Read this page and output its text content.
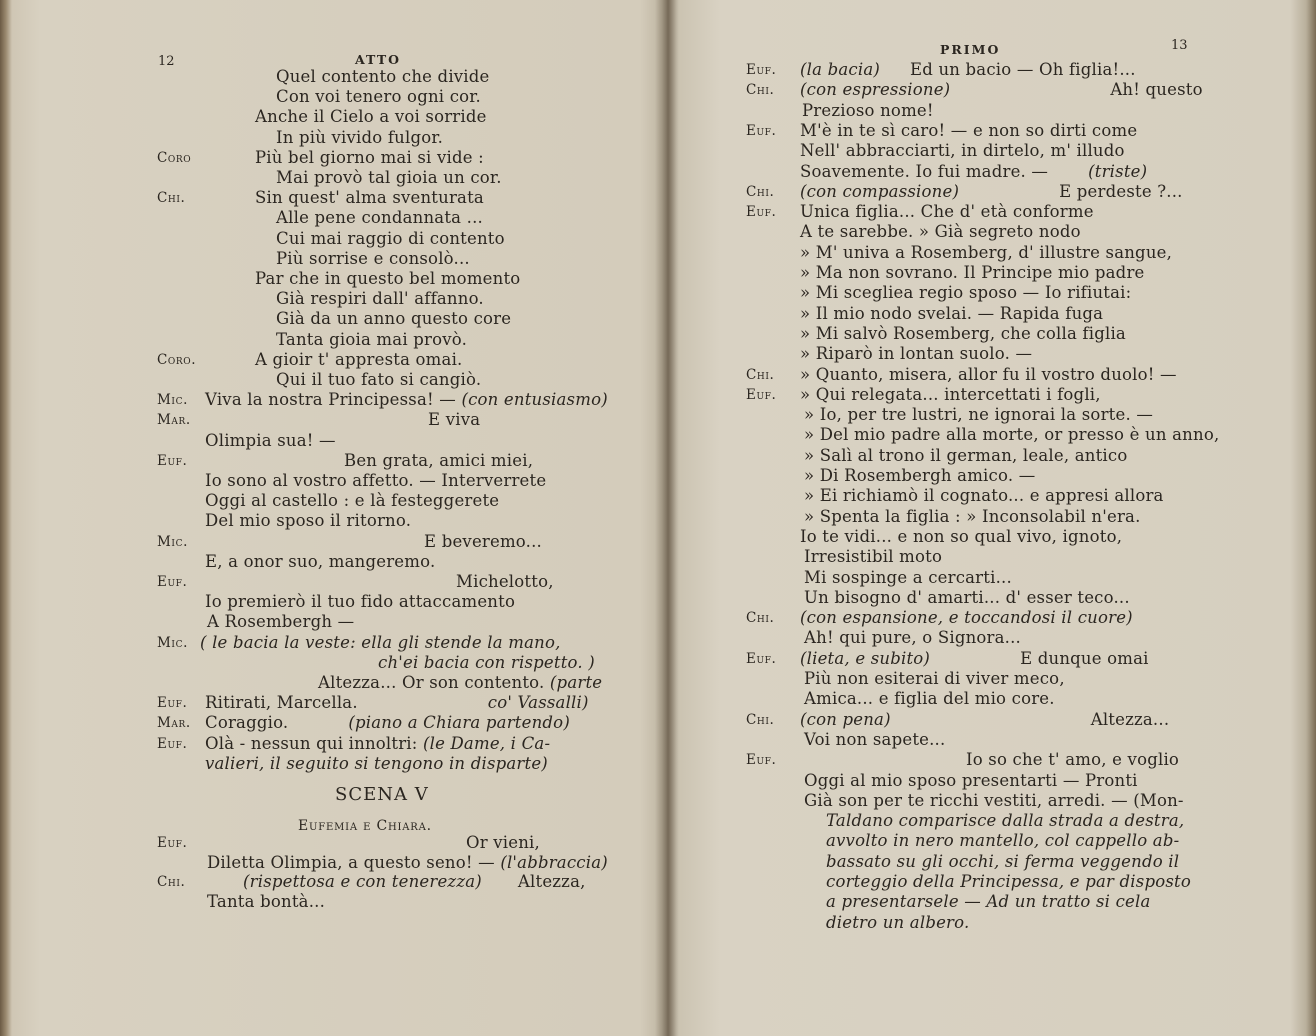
12	ATTO
Quel contento che divide
Con voi tenero ogni cor.
Anche il Cielo a voi sorride
In più vivido fulgor.
Coro	Più bel giorno mai si vide :
Mai provò tal gioia un cor.
Chi.	Sin quest' alma sventurata
Alle pene condannata ...
Cui mai raggio di contento
Più sorrise e consolò...
Par che in questo bel momento
Già respiri dall' affanno.
Già da un anno questo core
Tanta gioia mai provò.
Coro.	A gioir t' appresta omai.
Qui il tuo fato si cangiò.
Mic. Viva la nostra Principessa! — (con entusiasmo)
Mar.	E viva
Olimpia sua! —
Euf.	Ben grata, amici miei,
Io sono al vostro affetto. — Interverrete
Oggi al castello : e là festeggerete
Del mio sposo il ritorno.
Mic.	E beveremo...
E, a onor suo, mangeremo.
Euf.	Michelotto,
Io premierò il tuo fido attaccamento
A Rosembergh —
Mic. ( le bacia la veste: ella gli stende la mano,
ch'ei bacia con rispetto. )
Altezza... Or son contento. (parte
Euf. Ritirati, Marcella.	co' Vassalli)
Mar. Coraggio.	(piano a Chiara partendo)
Euf. Olà - nessun qui innoltri: (le Dame, i Ca-
valieri, il seguito si tengono in disparte)
SCENA V
Eufemia e Chiara.
Euf.	Or vieni,
Diletta Olimpia, a questo seno! — (l'abbraccia)
Chi.	(rispettosa e con tenerezza) Altezza,
Tanta bontà...
13
PRIMO
Euf. (la bacia) Ed un bacio — Oh figlia!...
Chi. (con espressione)	Ah! questo
Prezioso nome!
Euf. M'è in te sì caro! — e non so dirti come
Nell' abbracciarti, in dirtelo, m' illudo
Soavemente. Io fui madre. — (triste)
Chi. (con compassione)	E perdeste ?...
Euf. Unica figlia... Che d' età conforme
A te sarebbe. » Già segreto nodo
» M' univa a Rosemberg, d' illustre sangue,
» Ma non sovrano. Il Principe mio padre
» Mi sceglieа regio sposo — Io rifiutai:
» Il mio nodo svelai. — Rapida fuga
» Mi salvò Rosemberg, che colla figlia
» Riparò in lontan suolo. —
Chi. » Quanto, misera, allor fu il vostro duolo! —
Euf. » Qui relegata... intercettati i fogli,
» Io, per tre lustri, ne ignorai la sorte. —
» Del mio padre alla morte, or presso è un anno,
» Salì al trono il german, leale, antico
» Di Rosembergh amico. —
» Ei richiamò il cognato... e appresi allora
» Spenta la figlia : » Inconsolabil n'era.
Io te vidi... e non so qual vivo, ignoto,
Irresistibil moto
Mi sospinge a cercarti...
Un bisogno d' amarti... d' esser teco...
Chi. (con espansione, e toccandosi il cuore)
Ah! qui pure, o Signora...
Euf. (lieta, e subito)	E dunque omai
Più non esiterai di viver meco,
Amica... e figlia del mio core.
Chi. (con pena)	Altezza...
Voi non sapete...
Euf.	Io so che t' amo, e voglio
Oggi al mio sposo presentarti — Pronti
Già son per te ricchi vestiti, arredi. — (Mon-
Taldano comparisce dalla strada a destra,
avvolto in nero mantello, col cappello ab-
bassato su gli occhi, si ferma veggendo il
corteggio della Principessa, e par disposto
a presentarsele — Ad un tratto si cela
dietro un albero.
